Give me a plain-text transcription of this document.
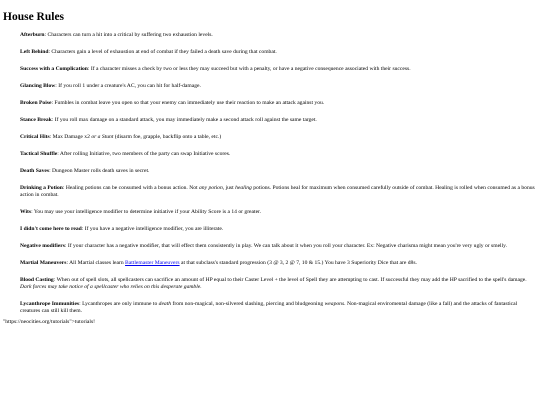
House Rules

Afterburn: Characters can turn a hit into a critical by suffering two exhaustion levels.

Left Behind: Characters gain a level of exhaustion at end of combat if they failed a death save during that combat.

Success with a Complication: If a character misses a check by two or less they may succeed but with a penalty, or have a negative consequence associated with their success.

Glancing Blow: If you roll 1 under a creature's AC, you can hit for half-damage.

Broken Poise: Fumbles in combat leave you open so that your enemy can immediately use their reaction to make an attack against you.

Stance Break: If you roll max damage on a standard attack, you may immediately make a second attack roll against the same target.

Critical Hits: Max Damage x2 or a Stunt (disarm foe, grapple, backflip onto a table, etc.)

Tactical Shuffle: After rolling Initiative, two members of the party can swap Initiative scores.

Death Saves: Dungeon Master rolls death saves in secret.

Drinking a Potion: Healing potions can be consumed with a bonus action. Not any potion, just healing potions. Potions heal for maximum when consumed carefully outside of combat. Healing is rolled when consumed as a bonus action in combat.

Wits: You may use your intelligence modifier to determine initiative if your Ability Score is a 14 or greater.

I didn't come here to read: If you have a negative intelligence modifier, you are illiterate.

Negative modifiers: If your character has a negative modifier, that will effect them consistently in play. We can talk about it when you roll your character. Ex: Negative charisma might mean you're very ugly or smelly.

Martial Maneuvers: All Martial classes learn Battlemaster Maneuvers at that subclass's standard progression (3 @ 3, 2 @ 7, 10 & 15.) You have 3 Superiority Dice that are d8s.

Blood Casting: When out of spell slots, all spellcasters can sacrifice an amount of HP equal to their Caster Level + the level of Spell they are attempting to cast. If successful they may add the HP sacrified to the spell's damage. Dark forces may take notice of a spellcaster who relies on this desperate gamble.

Lycanthrope Immunities: Lycanthropes are only immune to death from non-magical, non-silvered slashing, piercing and bludgeoning weapons. Non-magical enviromental damage (like a fall) and the attacks of fantastical creatures can still kill them.

"https://neocities.org/tutorials">tutorials!
